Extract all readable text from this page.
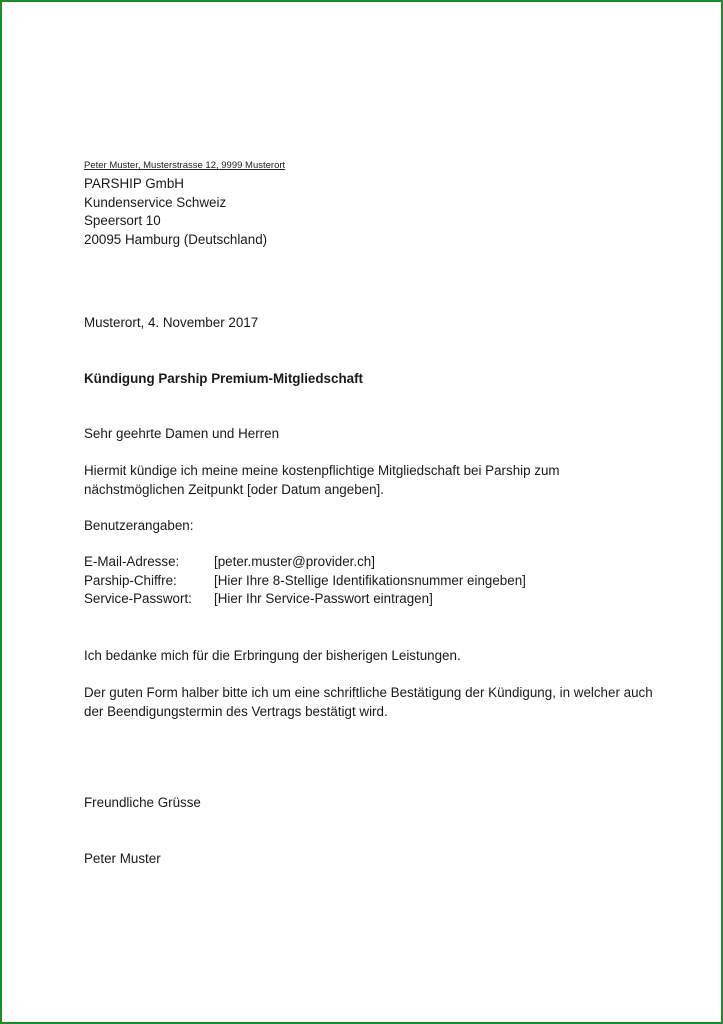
Peter Muster, Musterstrasse 12, 9999 Musterort
PARSHIP GmbH
Kundenservice Schweiz
Speersort 10
20095 Hamburg (Deutschland)
Musterort, 4. November 2017
Kündigung Parship Premium-Mitgliedschaft
Sehr geehrte Damen und Herren
Hiermit kündige ich meine meine kostenpflichtige Mitgliedschaft bei Parship zum
nächstmöglichen Zeitpunkt [oder Datum angeben].
Benutzerangaben:
E-Mail-Adresse:	[peter.muster@provider.ch]
Parship-Chiffre:	[Hier Ihre 8-Stellige Identifikationsnummer eingeben]
Service-Passwort:	[Hier Ihr Service-Passwort eintragen]
Ich bedanke mich für die Erbringung der bisherigen Leistungen.
Der guten Form halber bitte ich um eine schriftliche Bestätigung der Kündigung, in welcher auch
der Beendigungstermin des Vertrags bestätigt wird.
Freundliche Grüsse
Peter Muster
